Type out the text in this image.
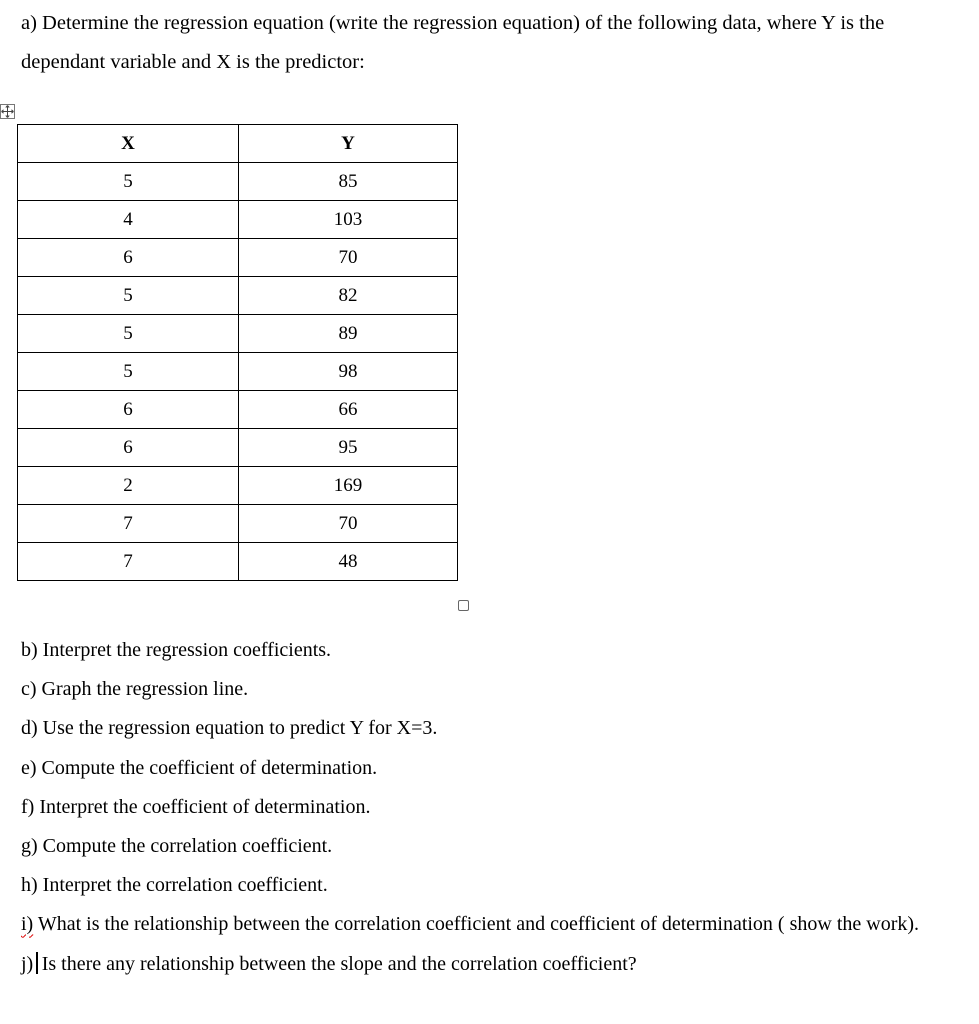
a) Determine the regression equation (write the regression equation) of the following data, where Y is the dependant variable and X is the predictor:
X	Y
5	85
4	103
6	70
5	82
5	89
5	98
6	66
6	95
2	169
7	70
7	48

b) Interpret the regression coefficients.

c) Graph the regression line.

d) Use the regression equation to predict Y for X=3.

e) Compute the coefficient of determination.

f) Interpret the coefficient of determination.

g) Compute the correlation coefficient.

h) Interpret the correlation coefficient.

i) What is the relationship between the correlation coefficient and coefficient of determination ( show the work).

j) Is there any relationship between the slope and the correlation coefficient?
